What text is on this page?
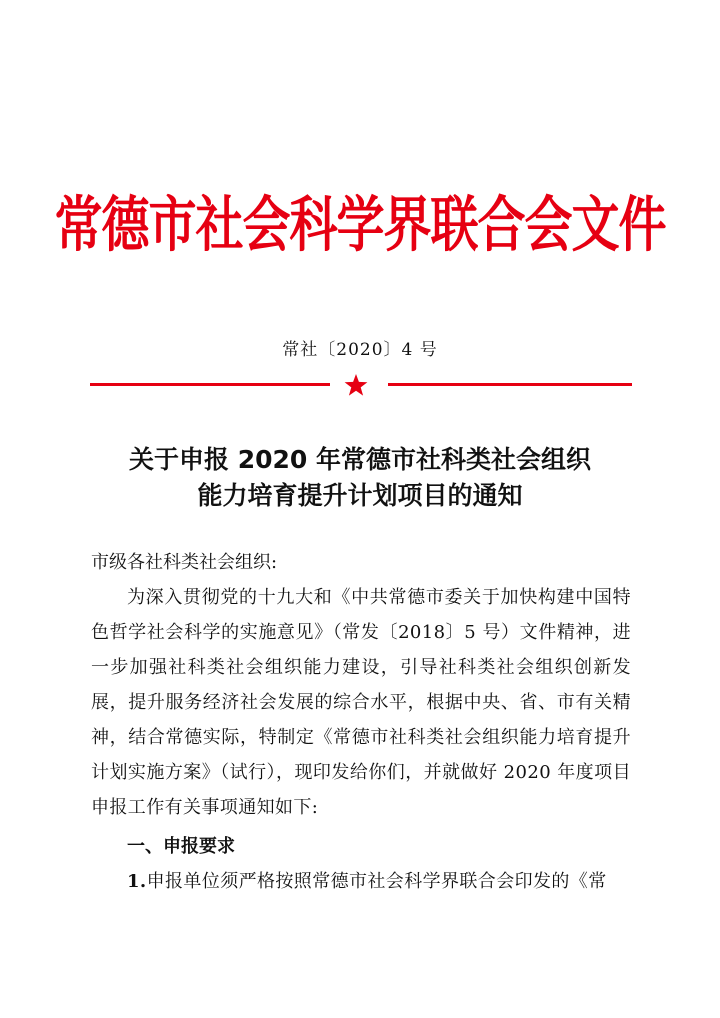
常德市社会科学界联合会文件
常社〔2020〕4 号
关于申报 2020 年常德市社科类社会组织
能力培育提升计划项目的通知
市级各社科类社会组织:
为深入贯彻党的十九大和《中共常德市委关于加快构建中国特色哲学社会科学的实施意见》（常发〔2018〕5 号）文件精神，进一步加强社科类社会组织能力建设，引导社科类社会组织创新发展，提升服务经济社会发展的综合水平，根据中央、省、市有关精神，结合常德实际，特制定《常德市社科类社会组织能力培育提升计划实施方案》（试行），现印发给你们，并就做好 2020 年度项目申报工作有关事项通知如下:
一、申报要求
1.申报单位须严格按照常德市社会科学界联合会印发的《常
